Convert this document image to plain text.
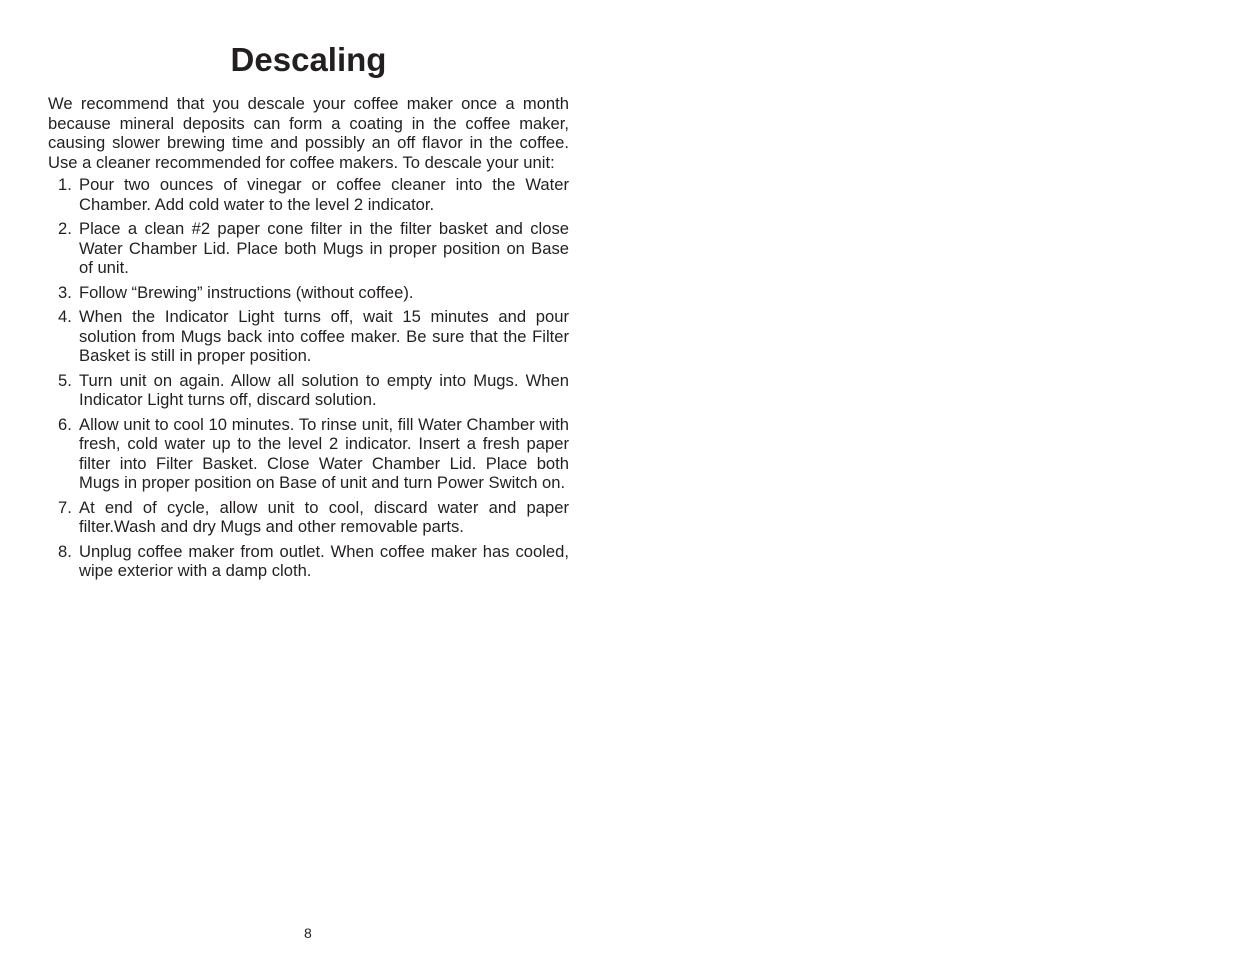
Descaling

We recommend that you descale your coffee maker once a month because mineral deposits can form a coating in the coffee maker, causing slower brewing time and possibly an off flavor in the coffee. Use a cleaner recommended for coffee makers. To descale your unit:

1. Pour two ounces of vinegar or coffee cleaner into the Water Chamber. Add cold water to the level 2 indicator.
2. Place a clean #2 paper cone filter in the filter basket and close Water Chamber Lid. Place both Mugs in proper position on Base of unit.
3. Follow “Brewing” instructions (without coffee).
4. When the Indicator Light turns off, wait 15 minutes and pour solution from Mugs back into coffee maker. Be sure that the Filter Basket is still in proper position.
5. Turn unit on again. Allow all solution to empty into Mugs. When Indicator Light turns off, discard solution.
6. Allow unit to cool 10 minutes. To rinse unit, fill Water Chamber with fresh, cold water up to the level 2 indicator. Insert a fresh paper filter into Filter Basket. Close Water Chamber Lid. Place both Mugs in proper position on Base of unit and turn Power Switch on.
7. At end of cycle, allow unit to cool, discard water and paper filter.Wash and dry Mugs and other removable parts.
8. Unplug coffee maker from outlet. When coffee maker has cooled, wipe exterior with a damp cloth.
8
